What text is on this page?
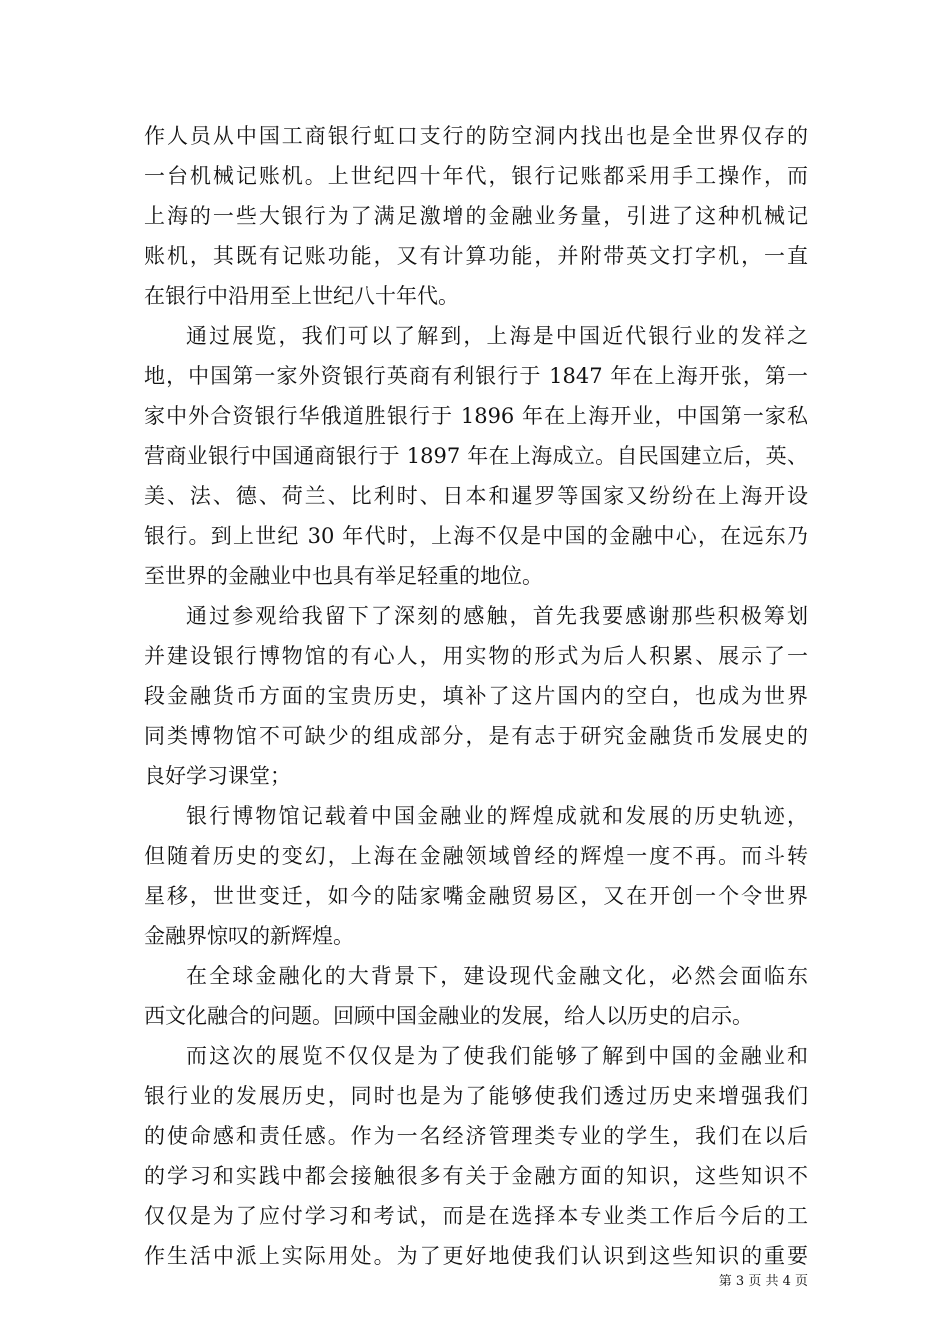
作人员从中国工商银行虹口支行的防空洞内找出也是全世界仅存的
一台机械记账机。上世纪四十年代，银行记账都采用手工操作，而
上海的一些大银行为了满足激增的金融业务量，引进了这种机械记
账机，其既有记账功能，又有计算功能，并附带英文打字机，一直
在银行中沿用至上世纪八十年代。
通过展览，我们可以了解到，上海是中国近代银行业的发祥之
地，中国第一家外资银行英商有利银行于 1847 年在上海开张，第一
家中外合资银行华俄道胜银行于 1896 年在上海开业，中国第一家私
营商业银行中国通商银行于 1897 年在上海成立。自民国建立后，英、
美、法、德、荷兰、比利时、日本和暹罗等国家又纷纷在上海开设
银行。到上世纪 30 年代时，上海不仅是中国的金融中心，在远东乃
至世界的金融业中也具有举足轻重的地位。
通过参观给我留下了深刻的感触，首先我要感谢那些积极筹划
并建设银行博物馆的有心人，用实物的形式为后人积累、展示了一
段金融货币方面的宝贵历史，填补了这片国内的空白，也成为世界
同类博物馆不可缺少的组成部分，是有志于研究金融货币发展史的
良好学习课堂；
银行博物馆记载着中国金融业的辉煌成就和发展的历史轨迹，
但随着历史的变幻，上海在金融领域曾经的辉煌一度不再。而斗转
星移，世世变迁，如今的陆家嘴金融贸易区，又在开创一个令世界
金融界惊叹的新辉煌。
在全球金融化的大背景下，建设现代金融文化，必然会面临东
西文化融合的问题。回顾中国金融业的发展，给人以历史的启示。
而这次的展览不仅仅是为了使我们能够了解到中国的金融业和
银行业的发展历史，同时也是为了能够使我们透过历史来增强我们
的使命感和责任感。作为一名经济管理类专业的学生，我们在以后
的学习和实践中都会接触很多有关于金融方面的知识，这些知识不
仅仅是为了应付学习和考试，而是在选择本专业类工作后今后的工
作生活中派上实际用处。为了更好地使我们认识到这些知识的重要
第 3 页 共 4 页
